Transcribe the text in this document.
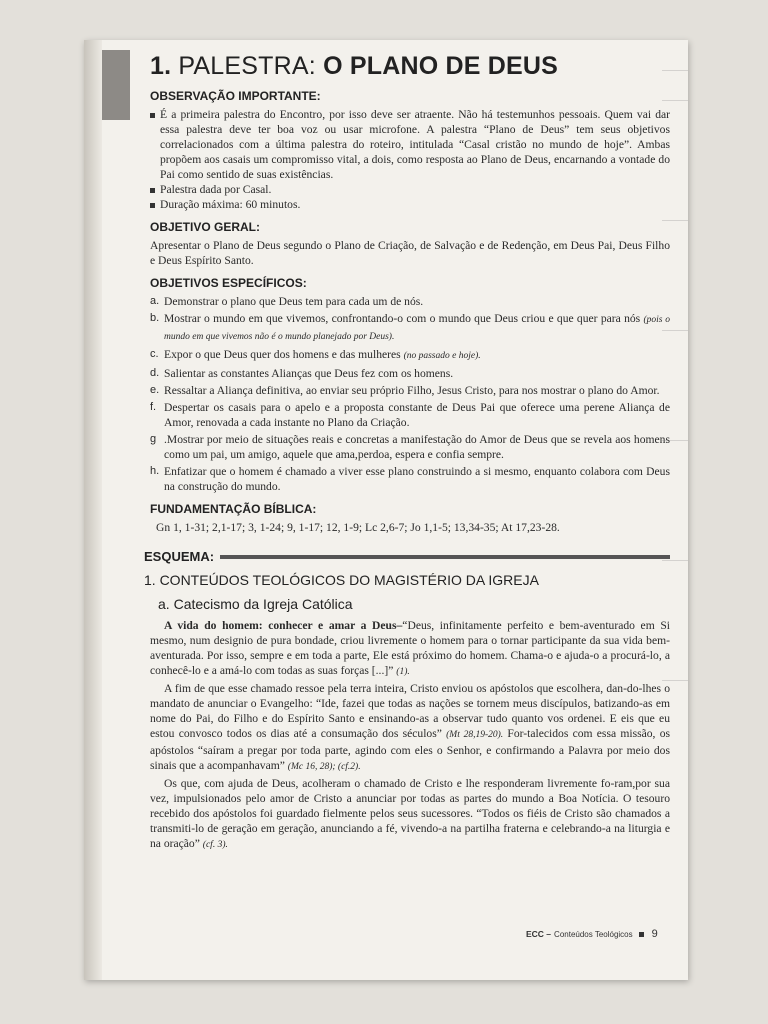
1. PALESTRA: O PLANO DE DEUS
OBSERVAÇÃO IMPORTANTE:
É a primeira palestra do Encontro, por isso deve ser atraente. Não há testemunhos pessoais. Quem vai dar essa palestra deve ter boa voz ou usar microfone. A palestra “Plano de Deus” tem seus objetivos correlacionados com a última palestra do roteiro, intitulada “Casal cristão no mundo de hoje”. Ambas propõem aos casais um compromisso vital, a dois, como resposta ao Plano de Deus, encarnando a vontade do Pai como sentido de suas existências.
Palestra dada por Casal.
Duração máxima: 60 minutos.
OBJETIVO GERAL:

Apresentar o Plano de Deus segundo o Plano de Criação, de Salvação e de Redenção, em Deus Pai, Deus Filho e Deus Espírito Santo.

OBJETIVOS ESPECÍFICOS:
a. Demonstrar o plano que Deus tem para cada um de nós.
b. Mostrar o mundo em que vivemos, confrontando-o com o mundo que Deus criou e que quer para nós (pois o mundo em que vivemos não é o mundo planejado por Deus).
c. Expor o que Deus quer dos homens e das mulheres (no passado e hoje).
d. Salientar as constantes Alianças que Deus fez com os homens.
e. Ressaltar a Aliança definitiva, ao enviar seu próprio Filho, Jesus Cristo, para nos mostrar o plano do Amor.
f. Despertar os casais para o apelo e a proposta constante de Deus Pai que oferece uma perene Aliança de Amor, renovada a cada instante no Plano da Criação.
g .Mostrar por meio de situações reais e concretas a manifestação do Amor de Deus que se revela aos homens como um pai, um amigo, aquele que ama,perdoa, espera e confia sempre.
h. Enfatizar que o homem é chamado a viver esse plano construindo a si mesmo, enquanto colabora com Deus na construção do mundo.
FUNDAMENTAÇÃO BÍBLICA:

Gn 1, 1-31; 2,1-17; 3, 1-24; 9, 1-17; 12, 1-9; Lc 2,6-7; Jo 1,1-5; 13,34-35; At 17,23-28.

ESQUEMA:
1. CONTEÚDOS TEOLÓGICOS DO MAGISTÉRIO DA IGREJA
a. Catecismo da Igreja Católica

A vida do homem: conhecer e amar a Deus–“Deus, infinitamente perfeito e bem-aventurado em Si mesmo, num designio de pura bondade, criou livremente o homem para o tornar participante da sua vida bem-aventurada. Por isso, sempre e em toda a parte, Ele está próximo do homem. Chama-o e ajuda-o a procurá-lo, a conhecê-lo e a amá-lo com todas as suas forças [...]” (1).

A fim de que esse chamado ressoe pela terra inteira, Cristo enviou os apóstolos que escolhera, dan-do-lhes o mandato de anunciar o Evangelho: “Ide, fazei que todas as nações se tornem meus discípulos, batizando-as em nome do Pai, do Filho e do Espírito Santo e ensinando-as a observar tudo quanto vos ordenei. E eis que eu estou convosco todos os dias até a consumação dos séculos” (Mt 28,19-20). For-talecidos com essa missão, os apóstolos “saíram a pregar por toda parte, agindo com eles o Senhor, e confirmando a Palavra por meio dos sinais que a acompanhavam” (Mc 16, 28); (cf.2).

Os que, com ajuda de Deus, acolheram o chamado de Cristo e lhe responderam livremente fo-ram,por sua vez, impulsionados pelo amor de Cristo a anunciar por todas as partes do mundo a Boa Notícia. O tesouro recebido dos apóstolos foi guardado fielmente pelos seus sucessores. “Todos os fiéis de Cristo são chamados a transmiti-lo de geração em geração, anunciando a fé, vivendo-a na partilha fraterna e celebrando-a na liturgia e na oração” (cf. 3).

ECC – Conteúdos Teológicos 9
